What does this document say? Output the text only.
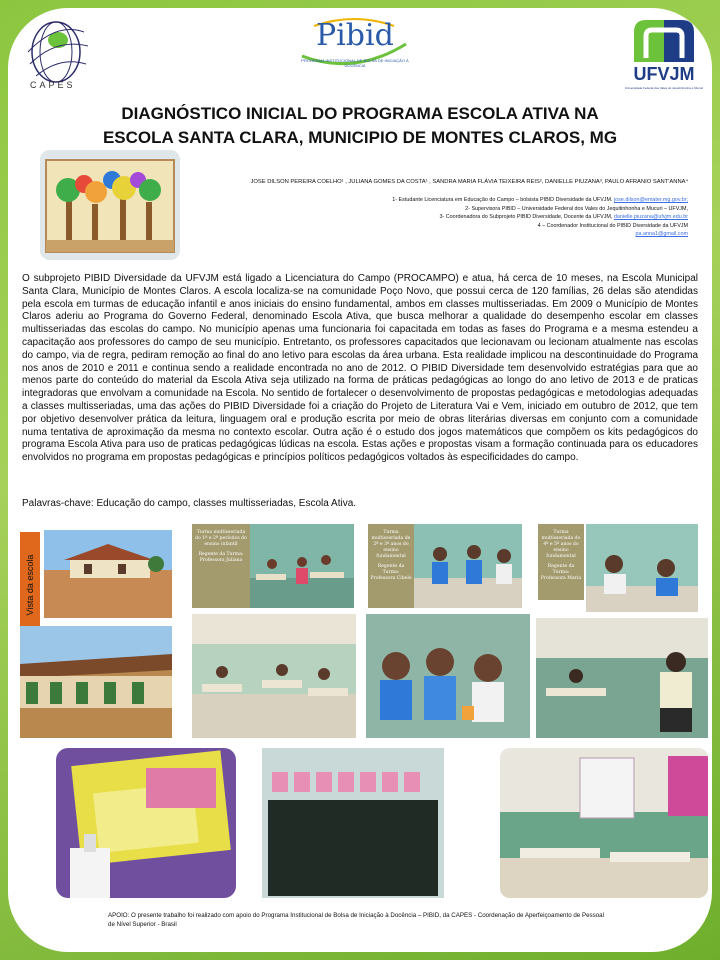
CAPES
Pibid
PROGRAMA INSTITUCIONAL DE BOLSA DE INICIAÇÃO À DOCÊNCIA	UFVJM
Universidade Federal dos Vales do Jequitinhonha e Mucuri
DIAGNÓSTICO INICIAL DO PROGRAMA ESCOLA ATIVA NA
ESCOLA SANTA CLARA, MUNICIPIO DE MONTES CLAROS, MG
JOSE DILSON PEREIRA COELHO¹ , JULIANA GOMES DA COSTA¹ , SANDRA MARIA FLÁVIA TEIXEIRA REIS², DANIELLE PIUZANA³, PAULO AFRANIO SANT'ANNA⁴
1- Estudante Licenciatura em Educação do Campo – bolsista PIBID Diversidade da UFVJM. jose.dilson@emater.mg.gov.br;
2- Supervisora PIBID – Universidade Federal dos Vales do Jequitinhonha e Mucuri – UFVJM,
3- Coordenadora do Subprojeto PIBID Diversidade, Docente da UFVJM, danielle.piuzana@ufvjm.edu.br
4 – Coordenador Institucional do PIBID Diversidade da UFVJM
pa.anna1@gmail.com
O subprojeto PIBID Diversidade da UFVJM está ligado a Licenciatura do Campo (PROCAMPO) e atua, há cerca de 10 meses, na Escola Municipal Santa Clara, Município de Montes Claros. A escola localiza-se na comunidade Poço Novo, que possui cerca de 120 famílias, 26 delas são atendidas pela escola em turmas de educação infantil e anos iniciais do ensino fundamental, ambos em classes multisseriadas. Em 2009 o Município de Montes Claros aderiu ao Programa do Governo Federal, denominado Escola Ativa, que busca melhorar a qualidade do desempenho escolar em classes multisseriadas das escolas do campo. No município apenas uma funcionaria foi capacitada em todas as fases do Programa e a mesma estendeu a capacitação aos professores do campo de seu município. Entretanto, os professores capacitados que lecionavam ou lecionam atualmente nas escolas do campo, via de regra, pediram remoção ao final do ano letivo para escolas da área urbana. Esta realidade implicou na descontinuidade do Programa nos anos de 2010 e 2011 e continua sendo a realidade encontrada no ano de 2012. O PIBID Diversidade tem desenvolvido estratégias para que ao menos parte do conteúdo do material da Escola Ativa seja utilizado na forma de práticas pedagógicas ao longo do ano letivo de 2013 e de praticas integradoras que envolvam a comunidade na Escola. No sentido de fortalecer o desenvolvimento de propostas pedagógicas e metodologias adequadas a classes multisseriadas, uma das ações do PIBID Diversidade foi a criação do Projeto de Literatura Vai e Vem, iniciado em outubro de 2012, que tem por objetivo desenvolver prática da leitura, linguagem oral e produção escrita por meio de obras literárias diversas em conjunto com a comunidade numa tentativa de aproximação da mesma no contexto escolar. Outra ação é o estudo dos jogos matemáticos que compõem os kits pedagógicos do programa Escola Ativa para uso de praticas pedagógicas lúdicas na escola. Estas ações e propostas visam a formação continuada para os educadores envolvidos no programa em propostas pedagógicas e princípios políticos pedagógicos voltados às especificidades do campo.
Palavras-chave: Educação do campo, classes multisseriadas, Escola Ativa.
Vista da escola

Turma multisseriada do 1º e 2º períodos do ensino infantil

Regente da Turma: Professora Juliana

Turma multisseriada de 2º e 3º anos do ensino fundamental

Regente da Turma: Professora Cibele

Turma multisseriada do 4º e 5º anos do ensino fundamental

Regente da Turma: Professora Maria

APOIO: O presente trabalho foi realizado com apoio do Programa Institucional de Bolsa de Iniciação à Docência – PIBID, da CAPES - Coordenação de Aperfeiçoamento de Pessoal de Nível Superior - Brasil
